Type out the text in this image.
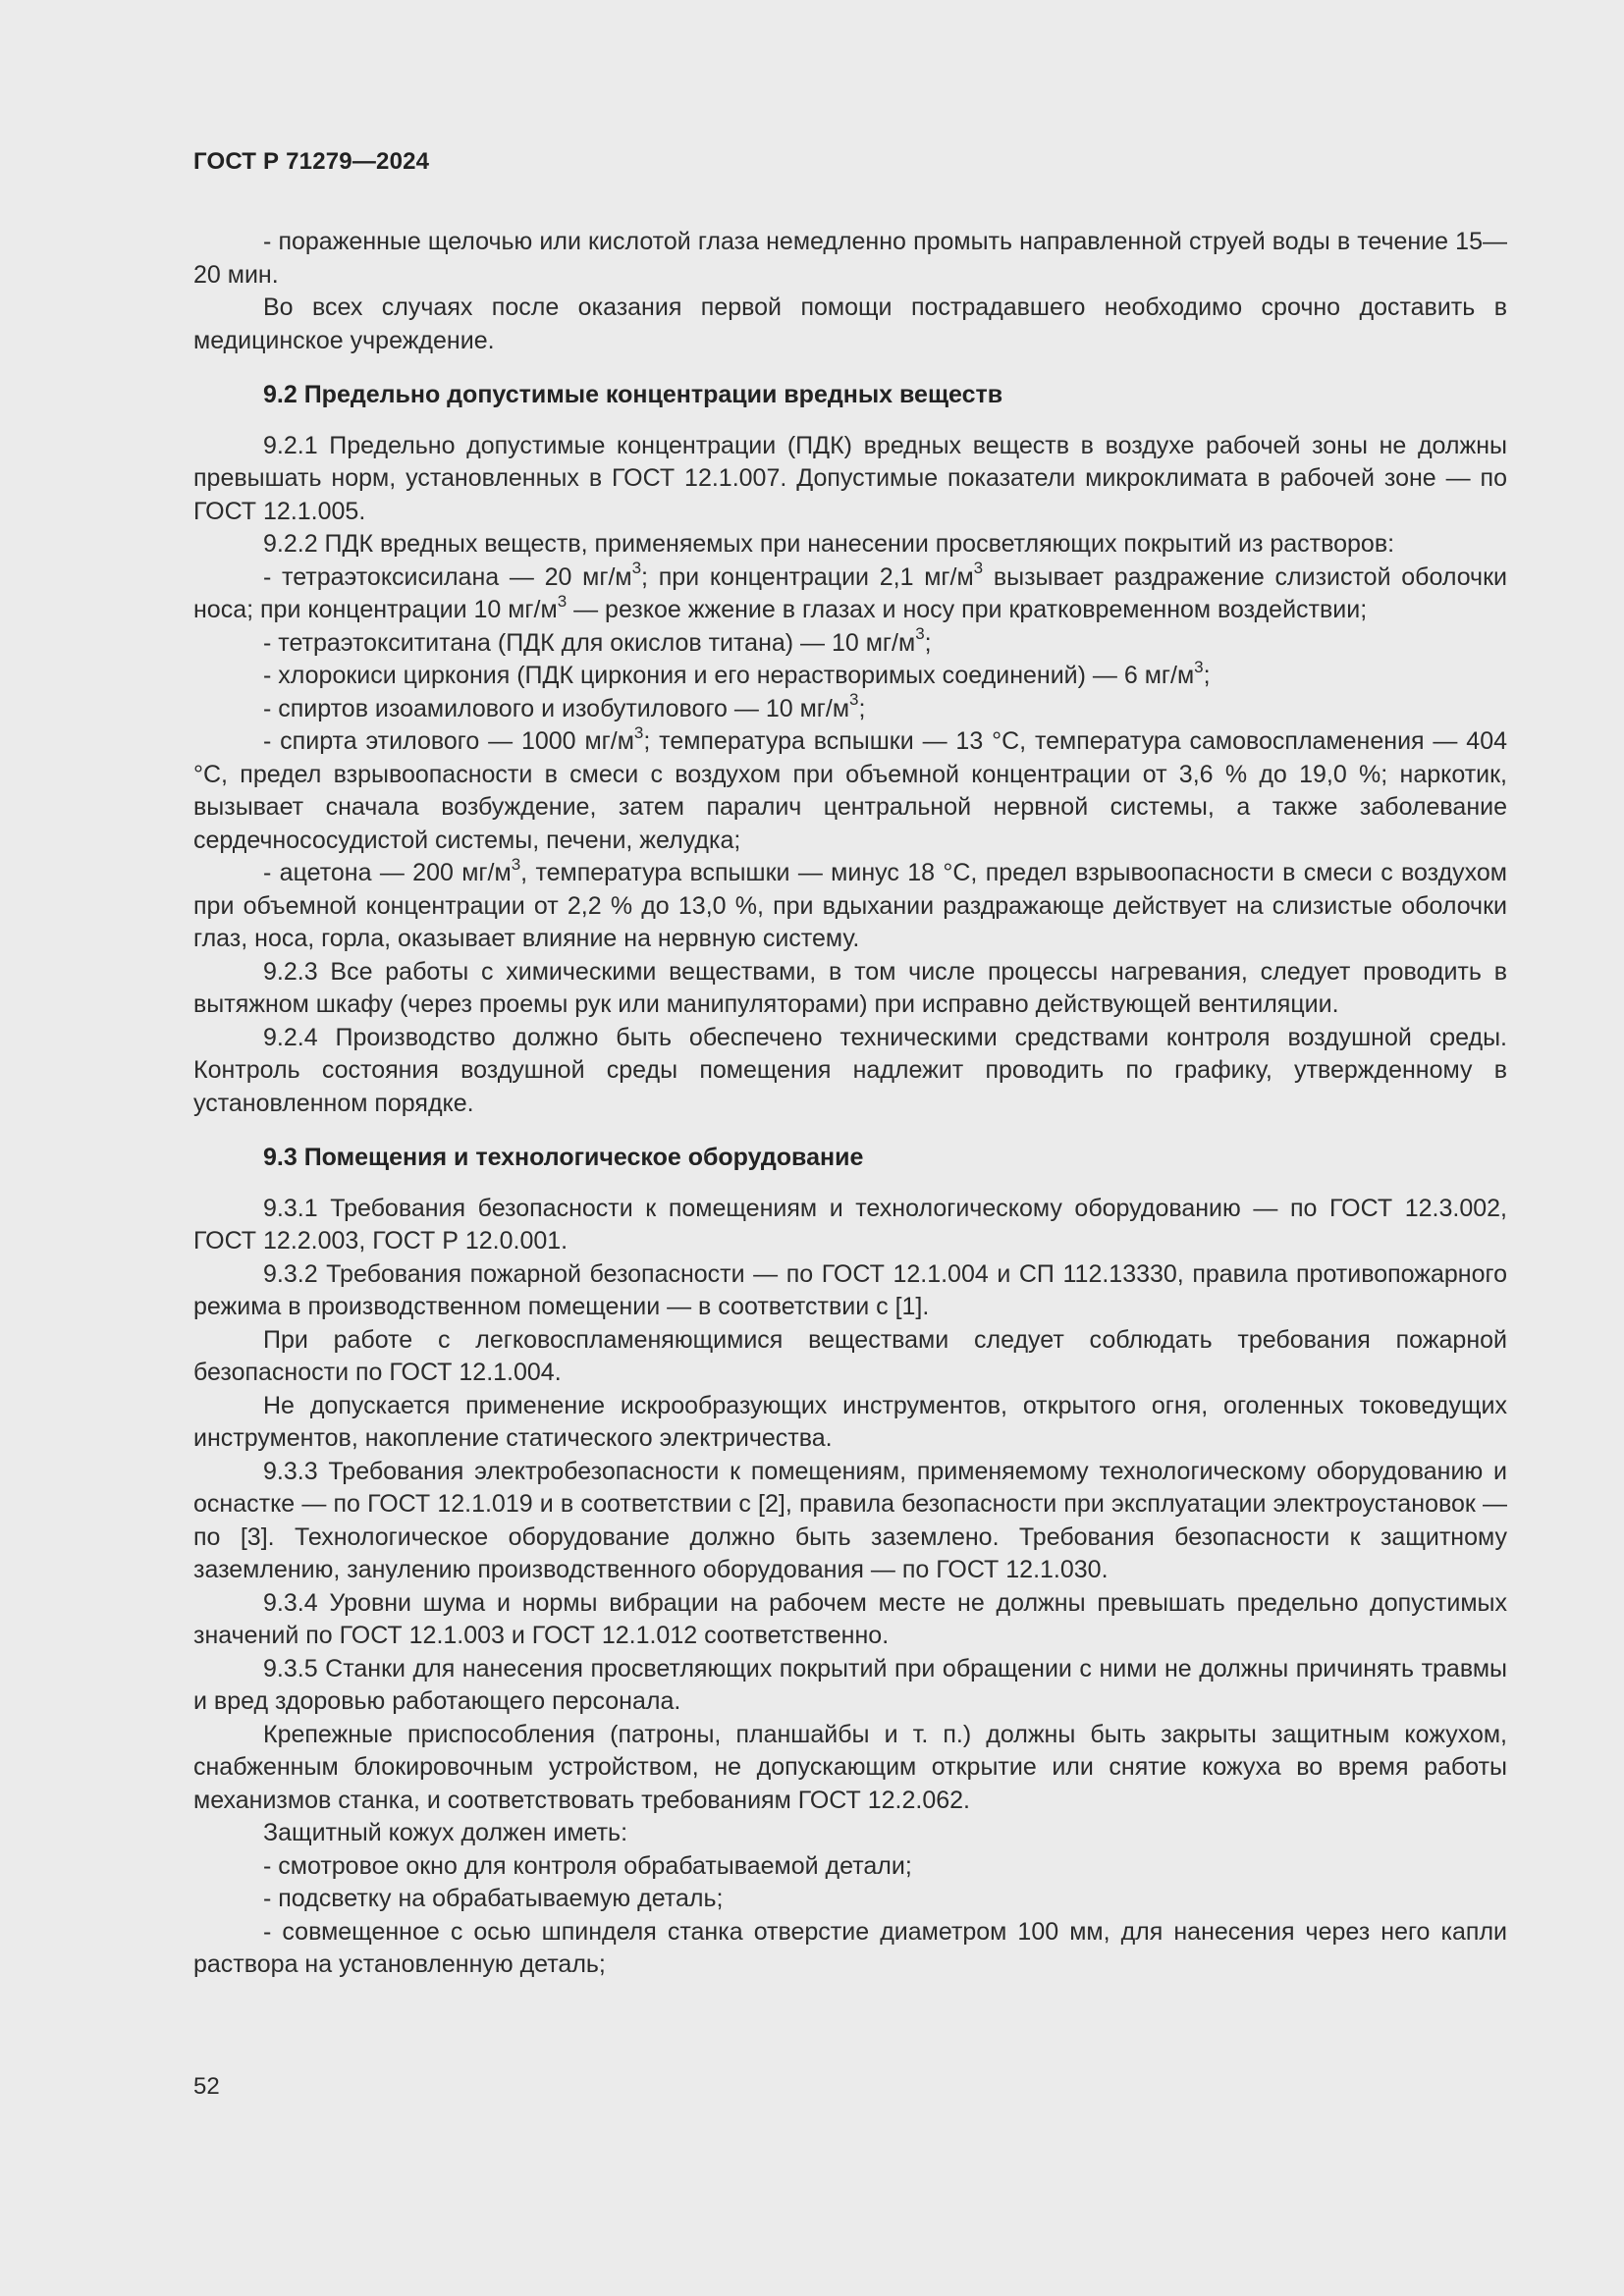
ГОСТ Р 71279—2024

- пораженные щелочью или кислотой глаза немедленно промыть направленной струей воды в течение 15—20 мин.

Во всех случаях после оказания первой помощи пострадавшего необходимо срочно доставить в медицинское учреждение.

9.2 Предельно допустимые концентрации вредных веществ

9.2.1 Предельно допустимые концентрации (ПДК) вредных веществ в воздухе рабочей зоны не должны превышать норм, установленных в ГОСТ 12.1.007. Допустимые показатели микроклимата в рабочей зоне — по ГОСТ 12.1.005.

9.2.2 ПДК вредных веществ, применяемых при нанесении просветляющих покрытий из растворов:

- тетраэтоксисилана — 20 $мг/м^3$; при концентрации 2,1 $мг/м^3$ вызывает раздражение слизистой оболочки носа; при концентрации 10 $мг/м^3$ — резкое жжение в глазах и носу при кратковременном воздействии;

- тетраэтоксититана (ПДК для окислов титана) — 10 $мг/м^3$;

- хлорокиси циркония (ПДК циркония и его нерастворимых соединений) — 6 $мг/м^3$;

- спиртов изоамилового и изобутилового — 10 $мг/м^3$;

- спирта этилового — 1000 $мг/м^3$; температура вспышки — 13 °С, температура самовоспламенения — 404 °С, предел взрывоопасности в смеси с воздухом при объемной концентрации от 3,6 % до 19,0 %; наркотик, вызывает сначала возбуждение, затем паралич центральной нервной системы, а также заболевание сердечнососудистой системы, печени, желудка;

- ацетона — 200 $мг/м^3$, температура вспышки — минус 18 °С, предел взрывоопасности в смеси с воздухом при объемной концентрации от 2,2 % до 13,0 %, при вдыхании раздражающе действует на слизистые оболочки глаз, носа, горла, оказывает влияние на нервную систему.

9.2.3 Все работы с химическими веществами, в том числе процессы нагревания, следует проводить в вытяжном шкафу (через проемы рук или манипуляторами) при исправно действующей вентиляции.

9.2.4 Производство должно быть обеспечено техническими средствами контроля воздушной среды. Контроль состояния воздушной среды помещения надлежит проводить по графику, утвержденному в установленном порядке.

9.3 Помещения и технологическое оборудование

9.3.1 Требования безопасности к помещениям и технологическому оборудованию — по ГОСТ 12.3.002, ГОСТ 12.2.003, ГОСТ Р 12.0.001.

9.3.2 Требования пожарной безопасности — по ГОСТ 12.1.004 и СП 112.13330, правила противопожарного режима в производственном помещении — в соответствии с [1].

При работе с легковоспламеняющимися веществами следует соблюдать требования пожарной безопасности по ГОСТ 12.1.004.

Не допускается применение искрообразующих инструментов, открытого огня, оголенных токоведущих инструментов, накопление статического электричества.

9.3.3 Требования электробезопасности к помещениям, применяемому технологическому оборудованию и оснастке — по ГОСТ 12.1.019 и в соответствии с [2], правила безопасности при эксплуатации электроустановок — по [3]. Технологическое оборудование должно быть заземлено. Требования безопасности к защитному заземлению, занулению производственного оборудования — по ГОСТ 12.1.030.

9.3.4 Уровни шума и нормы вибрации на рабочем месте не должны превышать предельно допустимых значений по ГОСТ 12.1.003 и ГОСТ 12.1.012 соответственно.

9.3.5 Станки для нанесения просветляющих покрытий при обращении с ними не должны причинять травмы и вред здоровью работающего персонала.

Крепежные приспособления (патроны, планшайбы и т. п.) должны быть закрыты защитным кожухом, снабженным блокировочным устройством, не допускающим открытие или снятие кожуха во время работы механизмов станка, и соответствовать требованиям ГОСТ 12.2.062.

Защитный кожух должен иметь:

- смотровое окно для контроля обрабатываемой детали;

- подсветку на обрабатываемую деталь;

- совмещенное с осью шпинделя станка отверстие диаметром 100 мм, для нанесения через него капли раствора на установленную деталь;

52
